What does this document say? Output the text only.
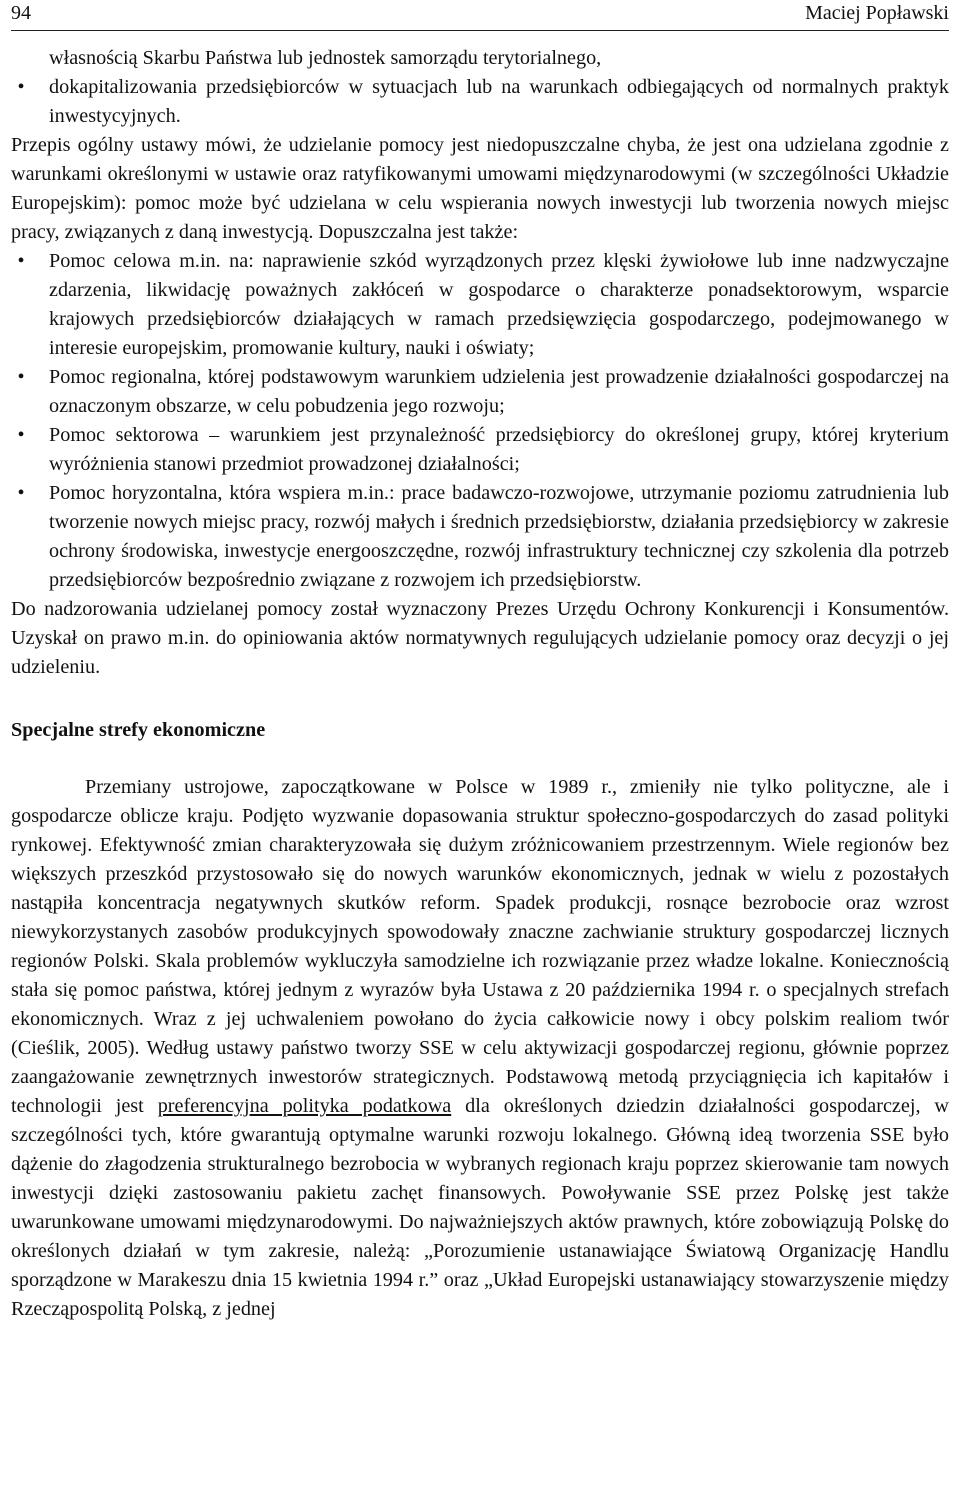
94	Maciej Popławski

własnością Skarbu Państwa lub jednostek samorządu terytorialnego,

•	dokapitalizowania przedsiębiorców w sytuacjach lub na warunkach odbiegających od normalnych praktyk inwestycyjnych.

Przepis ogólny ustawy mówi, że udzielanie pomocy jest niedopuszczalne chyba, że jest ona udzielana zgodnie z warunkami określonymi w ustawie oraz ratyfikowanymi umowami międzynarodowymi (w szczególności Układzie Europejskim): pomoc może być udzielana w celu wspierania nowych inwestycji lub tworzenia nowych miejsc pracy, związanych z daną inwestycją. Dopuszczalna jest także:

•	Pomoc celowa m.in. na: naprawienie szkód wyrządzonych przez klęski żywiołowe lub inne nadzwyczajne zdarzenia, likwidację poważnych zakłóceń w gospodarce o charakterze ponadsektorowym, wsparcie krajowych przedsiębiorców działających w ramach przedsięwzięcia gospodarczego, podejmowanego w interesie europejskim, promowanie kultury, nauki i oświaty;

•	Pomoc regionalna, której podstawowym warunkiem udzielenia jest prowadzenie działalności gospodarczej na oznaczonym obszarze, w celu pobudzenia jego rozwoju;

•	Pomoc sektorowa – warunkiem jest przynależność przedsiębiorcy do określonej grupy, której kryterium wyróżnienia stanowi przedmiot prowadzonej działalności;

•	Pomoc horyzontalna, która wspiera m.in.: prace badawczo-rozwojowe, utrzymanie poziomu zatrudnienia lub tworzenie nowych miejsc pracy, rozwój małych i średnich przedsiębiorstw, działania przedsiębiorcy w zakresie ochrony środowiska, inwestycje energooszczędne, rozwój infrastruktury technicznej czy szkolenia dla potrzeb przedsiębiorców bezpośrednio związane z rozwojem ich przedsiębiorstw.

Do nadzorowania udzielanej pomocy został wyznaczony Prezes Urzędu Ochrony Konkurencji i Konsumentów. Uzyskał on prawo m.in. do opiniowania aktów normatywnych regulujących udzielanie pomocy oraz decyzji o jej udzieleniu.

Specjalne strefy ekonomiczne

Przemiany ustrojowe, zapoczątkowane w Polsce w 1989 r., zmieniły nie tylko polityczne, ale i gospodarcze oblicze kraju. Podjęto wyzwanie dopasowania struktur społeczno-gospodarczych do zasad polityki rynkowej. Efektywność zmian charakteryzowała się dużym zróżnicowaniem przestrzennym. Wiele regionów bez większych przeszkód przystosowało się do nowych warunków ekonomicznych, jednak w wielu z pozostałych nastąpiła koncentracja negatywnych skutków reform. Spadek produkcji, rosnące bezrobocie oraz wzrost niewykorzystanych zasobów produkcyjnych spowodowały znaczne zachwianie struktury gospodarczej licznych regionów Polski. Skala problemów wykluczyła samodzielne ich rozwiązanie przez władze lokalne. Koniecznością stała się pomoc państwa, której jednym z wyrazów była Ustawa z 20 października 1994 r. o specjalnych strefach ekonomicznych. Wraz z jej uchwaleniem powołano do życia całkowicie nowy i obcy polskim realiom twór (Cieślik, 2005). Według ustawy państwo tworzy SSE w celu aktywizacji gospodarczej regionu, głównie poprzez zaangażowanie zewnętrznych inwestorów strategicznych. Podstawową metodą przyciągnięcia ich kapitałów i technologii jest preferencyjna polityka podatkowa dla określonych dziedzin działalności gospodarczej, w szczególności tych, które gwarantują optymalne warunki rozwoju lokalnego. Główną ideą tworzenia SSE było dążenie do złagodzenia strukturalnego bezrobocia w wybranych regionach kraju poprzez skierowanie tam nowych inwestycji dzięki zastosowaniu pakietu zachęt finansowych. Powoływanie SSE przez Polskę jest także uwarunkowane umowami międzynarodowymi. Do najważniejszych aktów prawnych, które zobowiązują Polskę do określonych działań w tym zakresie, należą: „Porozumienie ustanawiające Światową Organizację Handlu sporządzone w Marakeszu dnia 15 kwietnia 1994 r.” oraz „Układ Europejski ustanawiający stowarzyszenie między Rzecząpospolitą Polską, z jednej
